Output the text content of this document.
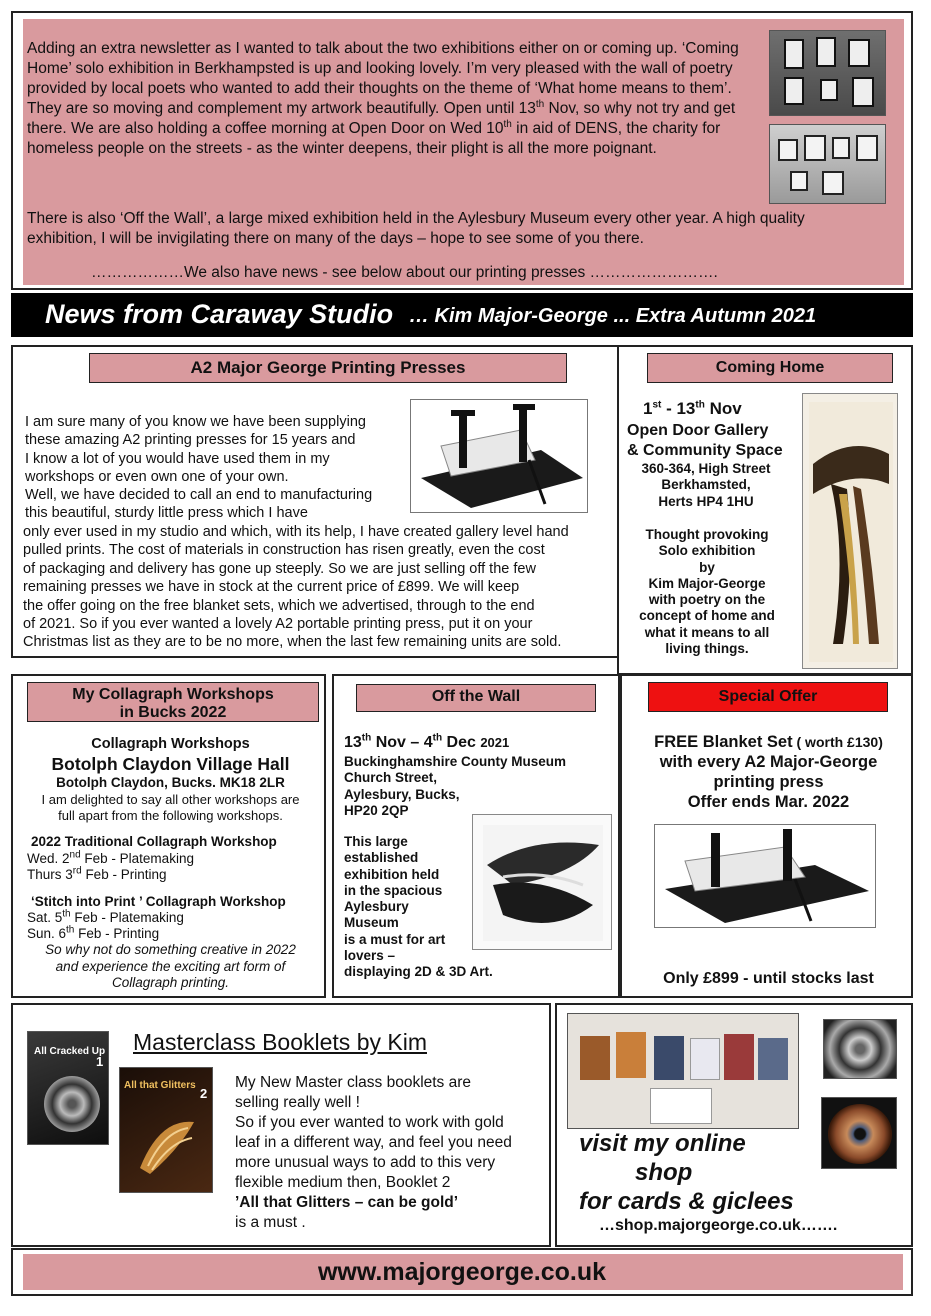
Adding an extra newsletter as I wanted to talk about the two exhibitions either on or coming up. ‘Coming Home’ solo exhibition in Berkhampsted is up and looking lovely. I’m very pleased with the wall of poetry provided by local poets who wanted to add their thoughts on the theme of ‘What home means to them’.

They are so moving and complement my artwork beautifully. Open until 13th Nov, so why not try and get there. We are also holding a coffee morning at Open Door on Wed 10th in aid of DENS, the charity for homeless people on the streets - as the winter deepens, their plight is all the more poignant.

There is also ‘Off the Wall’, a large mixed exhibition held in the Aylesbury Museum every other year. A high quality exhibition, I will be invigilating there on many of the days – hope to see some of you there.
………………We also have news - see below about our printing presses …………………….
News from Caraway Studio … Kim Major-George ... Extra Autumn 2021
A2 Major George Printing Presses
I am sure many of you know we have been supplying
these amazing A2 printing presses for 15 years and
I know a lot of you would have used them in my
workshops or even own one of your own.
Well, we have decided to call an end to manufacturing
this beautiful, sturdy little press which I have
only ever used in my studio and which, with its help, I have created gallery level hand
pulled prints. The cost of materials in construction has risen greatly, even the cost
of packaging and delivery has gone up steeply. So we are just selling off the few
remaining presses we have in stock at the current price of £899. We will keep
the offer going on the free blanket sets, which we advertised, through to the end
of 2021. So if you ever wanted a lovely A2 portable printing press, put it on your
Christmas list as they are to be no more, when the last few remaining units are sold.
Coming Home
1st - 13th Nov
Open Door Gallery
& Community Space
360-364, High Street
Berkhamsted,
Herts HP4 1HU
Thought provoking
Solo exhibition
by
Kim Major-George
with poetry on the
concept of home and
what it means to all
living things.
My Collagraph Workshops
in Bucks 2022
Collagraph Workshops
Botolph Claydon Village Hall
Botolph Claydon, Bucks. MK18 2LR
I am delighted to say all other workshops are
full apart from the following workshops.
2022 Traditional Collagraph Workshop
Wed. 2nd Feb - Platemaking
Thurs 3rd Feb - Printing
‘Stitch into Print ’ Collagraph Workshop
Sat. 5th Feb - Platemaking
Sun. 6th Feb - Printing
So why not do something creative in 2022
and experience the exciting art form of
Collagraph printing.
Off the Wall
13th Nov – 4th Dec 2021
Buckinghamshire County Museum
Church Street,
Aylesbury, Bucks,
HP20 2QP
This large
established
exhibition held
in the spacious
Aylesbury
Museum
is a must for art
lovers –
displaying 2D & 3D Art.
Special Offer
FREE Blanket Set ( worth £130)
with every A2 Major-George
printing press
Offer ends Mar. 2022
Only £899 - until stocks last
Masterclass Booklets by Kim
All Cracked Up
1
All that Glitters
2
My New Master class booklets are
selling really well !
So if you ever wanted to work with gold
leaf in a different way, and feel you need
more unusual ways to add to this very
flexible medium then, Booklet 2
’All that Glitters – can be gold’
is a must .
visit my online
shop
for cards & giclees
…shop.majorgeorge.co.uk…….
www.majorgeorge.co.uk
